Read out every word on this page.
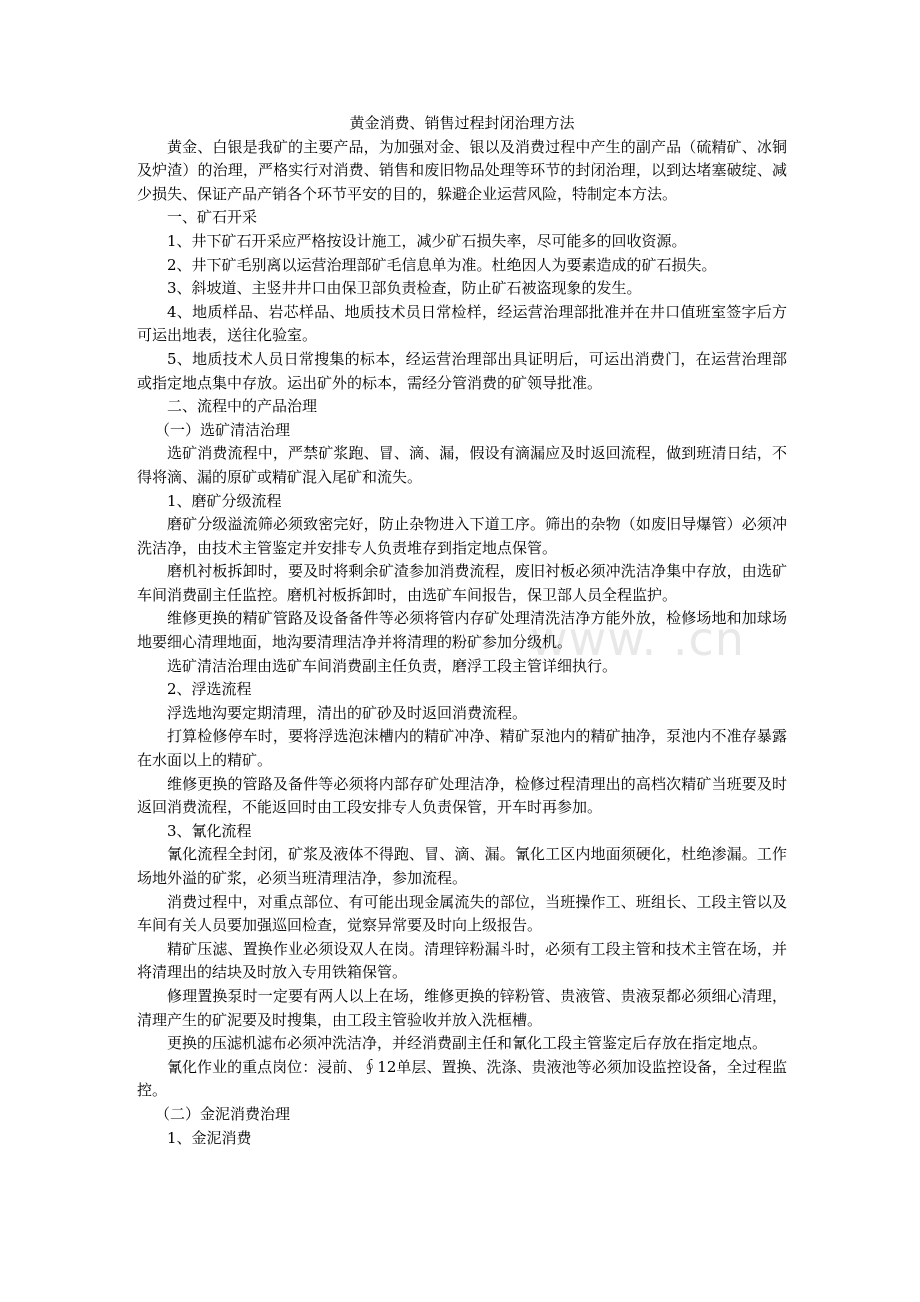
www. .cn
黄金消费、销售过程封闭治理方法
黄金、白银是我矿的主要产品，为加强对金、银以及消费过程中产生的副产品（硫精矿、冰铜及炉渣）的治理，严格实行对消费、销售和废旧物品处理等环节的封闭治理，以到达堵塞破绽、减少损失、保证产品产销各个环节平安的目的，躲避企业运营风险，特制定本方法。
一、矿石开采
1、井下矿石开采应严格按设计施工，减少矿石损失率，尽可能多的回收资源。
2、井下矿毛别离以运营治理部矿毛信息单为准。杜绝因人为要素造成的矿石损失。
3、斜坡道、主竖井井口由保卫部负责检查，防止矿石被盗现象的发生。
4、地质样品、岩芯样品、地质技术员日常检样，经运营治理部批准并在井口值班室签字后方可运出地表，送往化验室。
5、地质技术人员日常搜集的标本，经运营治理部出具证明后，可运出消费门，在运营治理部或指定地点集中存放。运出矿外的标本，需经分管消费的矿领导批准。
二、流程中的产品治理
（一）选矿清洁治理
选矿消费流程中，严禁矿浆跑、冒、滴、漏，假设有滴漏应及时返回流程，做到班清日结，不得将滴、漏的原矿或精矿混入尾矿和流失。
1、磨矿分级流程
磨矿分级溢流筛必须致密完好，防止杂物进入下道工序。筛出的杂物（如废旧导爆管）必须冲洗洁净，由技术主管鉴定并安排专人负责堆存到指定地点保管。
磨机衬板拆卸时，要及时将剩余矿渣参加消费流程，废旧衬板必须冲洗洁净集中存放，由选矿车间消费副主任监控。磨机衬板拆卸时，由选矿车间报告，保卫部人员全程监护。
维修更换的精矿管路及设备备件等必须将管内存矿处理清洗洁净方能外放，检修场地和加球场地要细心清理地面，地沟要清理洁净并将清理的粉矿参加分级机。
选矿清洁治理由选矿车间消费副主任负责，磨浮工段主管详细执行。
2、浮选流程
浮选地沟要定期清理，清出的矿砂及时返回消费流程。
打算检修停车时，要将浮选泡沫槽内的精矿冲净、精矿泵池内的精矿抽净，泵池内不准存暴露在水面以上的精矿。
维修更换的管路及备件等必须将内部存矿处理洁净，检修过程清理出的高档次精矿当班要及时返回消费流程，不能返回时由工段安排专人负责保管，开车时再参加。
3、氰化流程
氰化流程全封闭，矿浆及液体不得跑、冒、滴、漏。氰化工区内地面须硬化，杜绝渗漏。工作场地外溢的矿浆，必须当班清理洁净，参加流程。
消费过程中，对重点部位、有可能出现金属流失的部位，当班操作工、班组长、工段主管以及车间有关人员要加强巡回检查，觉察异常要及时向上级报告。
精矿压滤、置换作业必须设双人在岗。清理锌粉漏斗时，必须有工段主管和技术主管在场，并将清理出的结块及时放入专用铁箱保管。
修理置换泵时一定要有两人以上在场，维修更换的锌粉管、贵液管、贵液泵都必须细心清理，清理产生的矿泥要及时搜集，由工段主管验收并放入洗框槽。
更换的压滤机滤布必须冲洗洁净，并经消费副主任和氰化工段主管鉴定后存放在指定地点。
氰化作业的重点岗位：浸前、∮12单层、置换、洗涤、贵液池等必须加设监控设备，全过程监控。
（二）金泥消费治理
1、金泥消费
